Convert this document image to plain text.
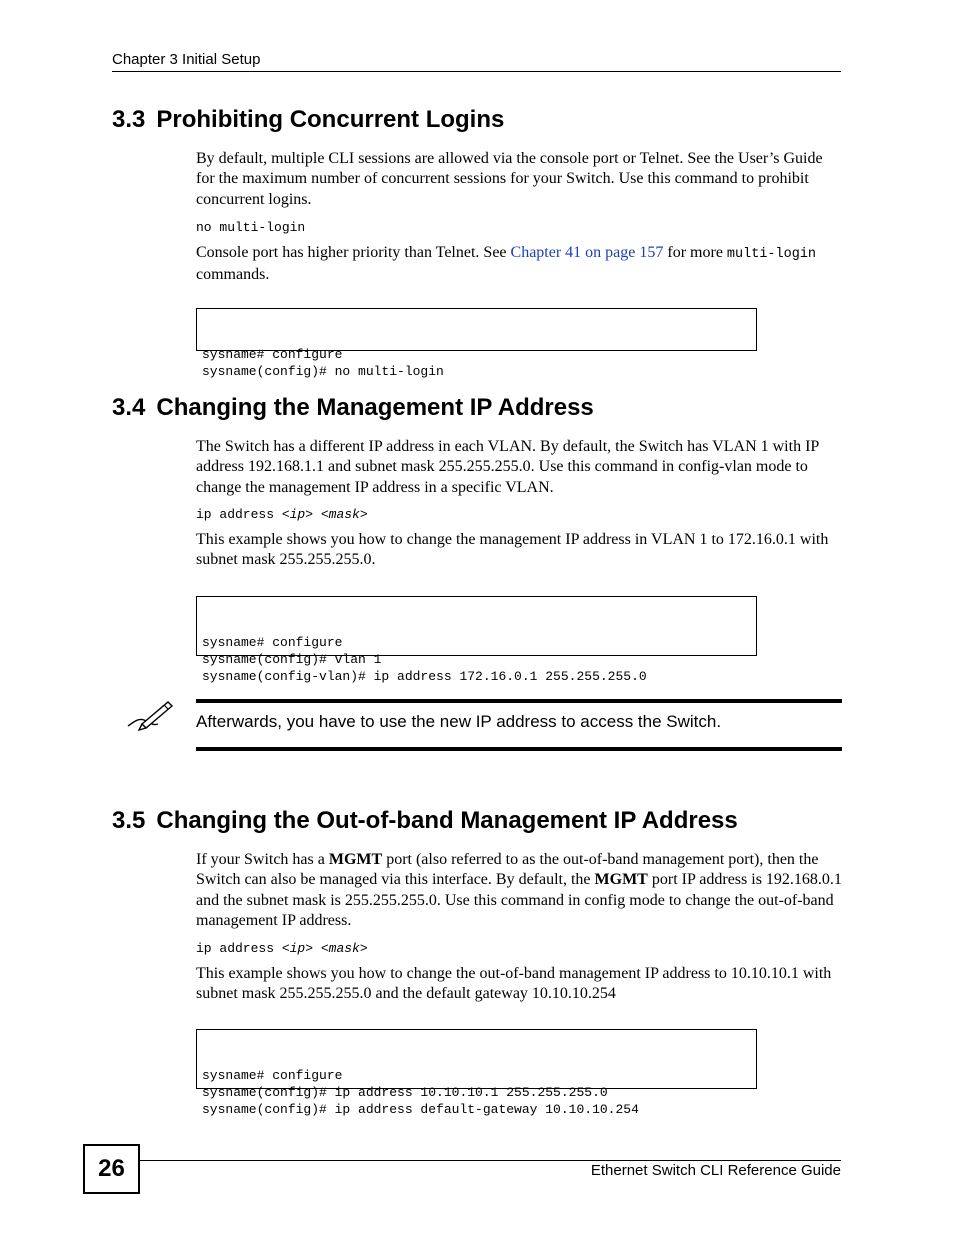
Chapter 3 Initial Setup
3.3 Prohibiting Concurrent Logins
By default, multiple CLI sessions are allowed via the console port or Telnet. See the User’s Guide for the maximum number of concurrent sessions for your Switch. Use this command to prohibit concurrent logins.
no multi-login
Console port has higher priority than Telnet. See Chapter 41 on page 157 for more multi-login commands.

sysname# configure
sysname(config)# no multi-login

3.4 Changing the Management IP Address
The Switch has a different IP address in each VLAN. By default, the Switch has VLAN 1 with IP address 192.168.1.1 and subnet mask 255.255.255.0. Use this command in config-vlan mode to change the management IP address in a specific VLAN.
ip address <ip> <mask>
This example shows you how to change the management IP address in VLAN 1 to 172.16.0.1 with subnet mask 255.255.255.0.

sysname# configure
sysname(config)# vlan 1
sysname(config-vlan)# ip address 172.16.0.1 255.255.255.0

Afterwards, you have to use the new IP address to access the Switch.
3.5 Changing the Out-of-band Management IP Address
If your Switch has a MGMT port (also referred to as the out-of-band management port), then the Switch can also be managed via this interface. By default, the MGMT port IP address is 192.168.0.1 and the subnet mask is 255.255.255.0. Use this command in config mode to change the out-of-band management IP address.
ip address <ip> <mask>
This example shows you how to change the out-of-band management IP address to 10.10.10.1 with subnet mask 255.255.255.0 and the default gateway 10.10.10.254

sysname# configure
sysname(config)# ip address 10.10.10.1 255.255.255.0
sysname(config)# ip address default-gateway 10.10.10.254

26	Ethernet Switch CLI Reference Guide
